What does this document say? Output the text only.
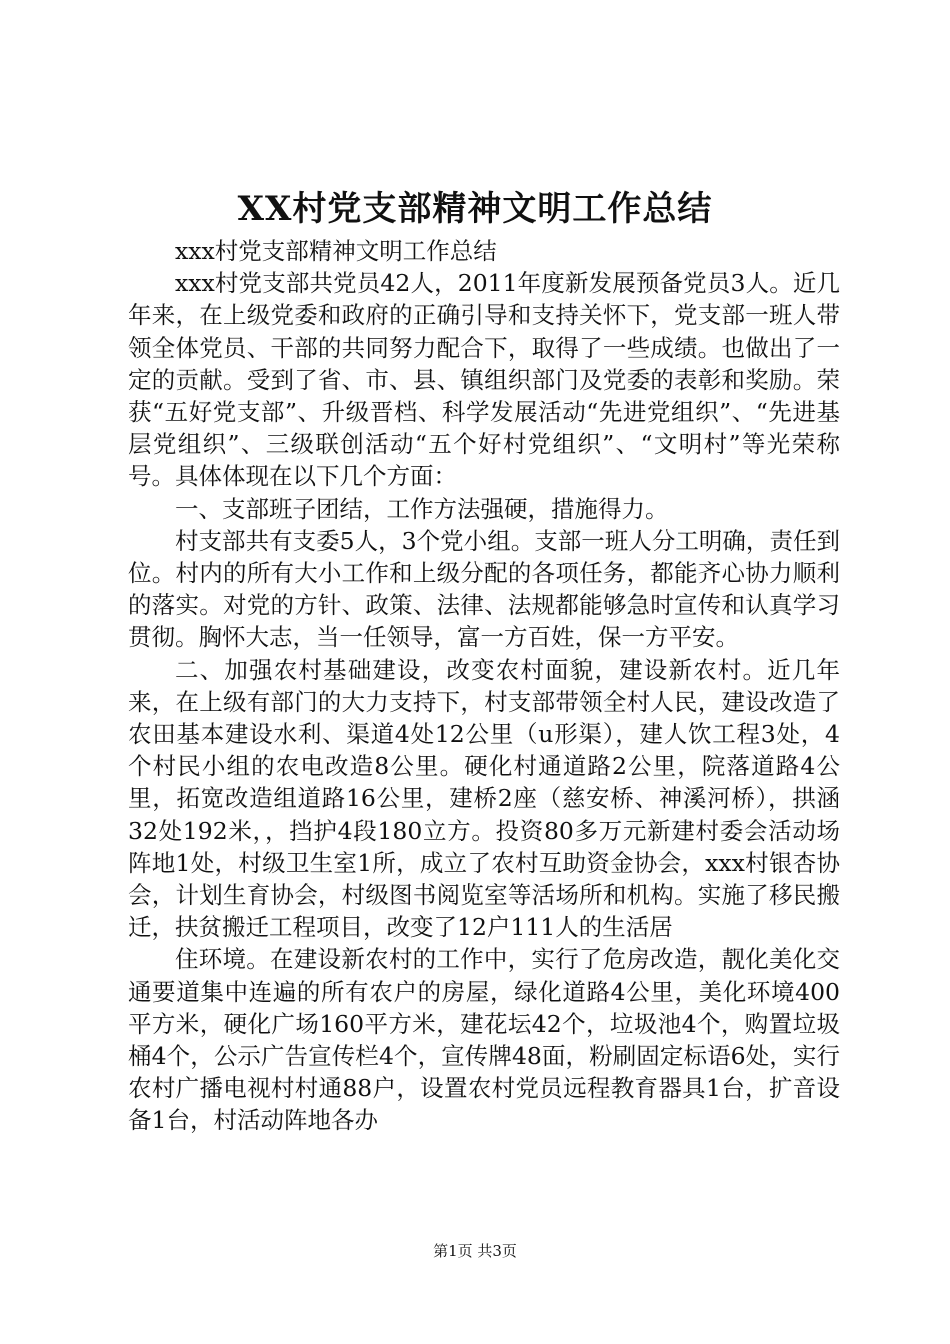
XX村党支部精神文明工作总结

xxx村党支部精神文明工作总结

xxx村党支部共党员42人，2011年度新发展预备党员3人。近几年来，在上级党委和政府的正确引导和支持关怀下，党支部一班人带领全体党员、干部的共同努力配合下，取得了一些成绩。也做出了一定的贡献。受到了省、市、县、镇组织部门及党委的表彰和奖励。荣获“五好党支部”、升级晋档、科学发展活动“先进党组织”、“先进基层党组织”、三级联创活动“五个好村党组织”、“文明村”等光荣称号。具体体现在以下几个方面：

一、支部班子团结，工作方法强硬，措施得力。

村支部共有支委5人，3个党小组。支部一班人分工明确，责任到位。村内的所有大小工作和上级分配的各项任务，都能齐心协力顺利的落实。对党的方针、政策、法律、法规都能够急时宣传和认真学习贯彻。胸怀大志，当一任领导，富一方百姓，保一方平安。

二、加强农村基础建设，改变农村面貌，建设新农村。近几年来，在上级有部门的大力支持下，村支部带领全村人民，建设改造了农田基本建设水利、渠道4处12公里（u形渠），建人饮工程3处，4个村民小组的农电改造8公里。硬化村通道路2公里，院落道路4公里，拓宽改造组道路16公里，建桥2座（慈安桥、神溪河桥），拱涵32处192米，，挡护4段180立方。投资80多万元新建村委会活动场阵地1处，村级卫生室1所，成立了农村互助资金协会，xxx村银杏协会，计划生育协会，村级图书阅览室等活场所和机构。实施了移民搬迁，扶贫搬迁工程项目，改变了12户111人的生活居

住环境。在建设新农村的工作中，实行了危房改造，靓化美化交通要道集中连遍的所有农户的房屋，绿化道路4公里，美化环境400平方米，硬化广场160平方米，建花坛42个，垃圾池4个，购置垃圾桶4个，公示广告宣传栏4个，宣传牌48面，粉刷固定标语6处，实行农村广播电视村村通88户，设置农村党员远程教育器具1台，扩音设备1台，村活动阵地各办

第1页 共3页
